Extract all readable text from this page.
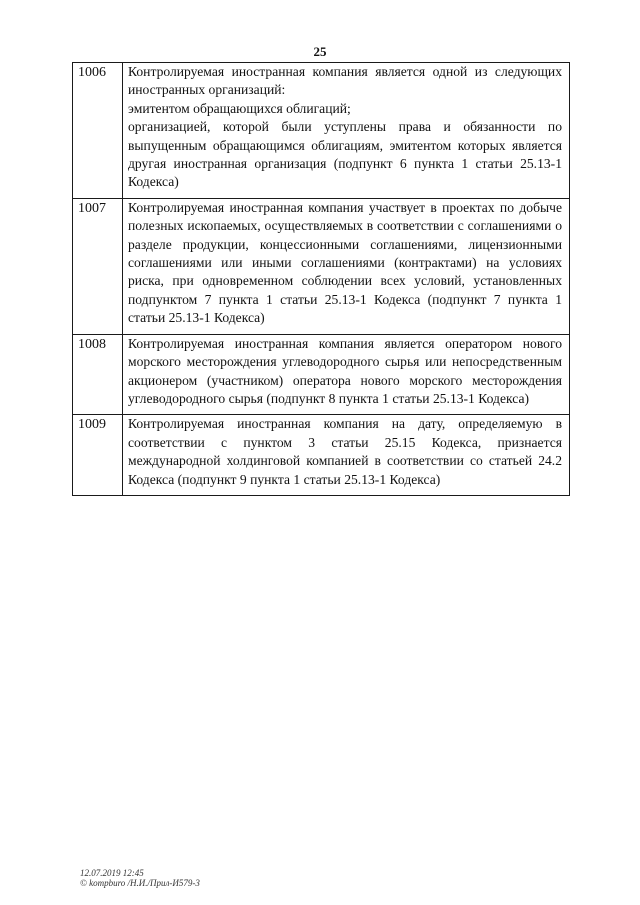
25
1006	Контролируемая иностранная компания является одной из следующих иностранных организаций:
эмитентом обращающихся облигаций;
организацией, которой были уступлены права и обязанности по выпущенным обращающимся облигациям, эмитентом которых является другая иностранная организация (подпункт 6 пункта 1 статьи 25.13-1 Кодекса)

1007	Контролируемая иностранная компания участвует в проектах по добыче полезных ископаемых, осуществляемых в соответствии с соглашениями о разделе продукции, концессионными соглашениями, лицензионными соглашениями или иными соглашениями (контрактами) на условиях риска, при одновременном соблюдении всех условий, установленных подпунктом 7 пункта 1 статьи 25.13-1 Кодекса (подпункт 7 пункта 1 статьи 25.13-1 Кодекса)

1008	Контролируемая иностранная компания является оператором нового морского месторождения углеводородного сырья или непосредственным акционером (участником) оператора нового морского месторождения углеводородного сырья (подпункт 8 пункта 1 статьи 25.13-1 Кодекса)

1009	Контролируемая иностранная компания на дату, определяемую в соответствии с пунктом 3 статьи 25.15 Кодекса, признается международной холдинговой компанией в соответствии со статьей 24.2 Кодекса (подпункт 9 пункта 1 статьи 25.13-1 Кодекса)
12.07.2019 12:45
© kompburo /Н.И./Прил-И579-3
